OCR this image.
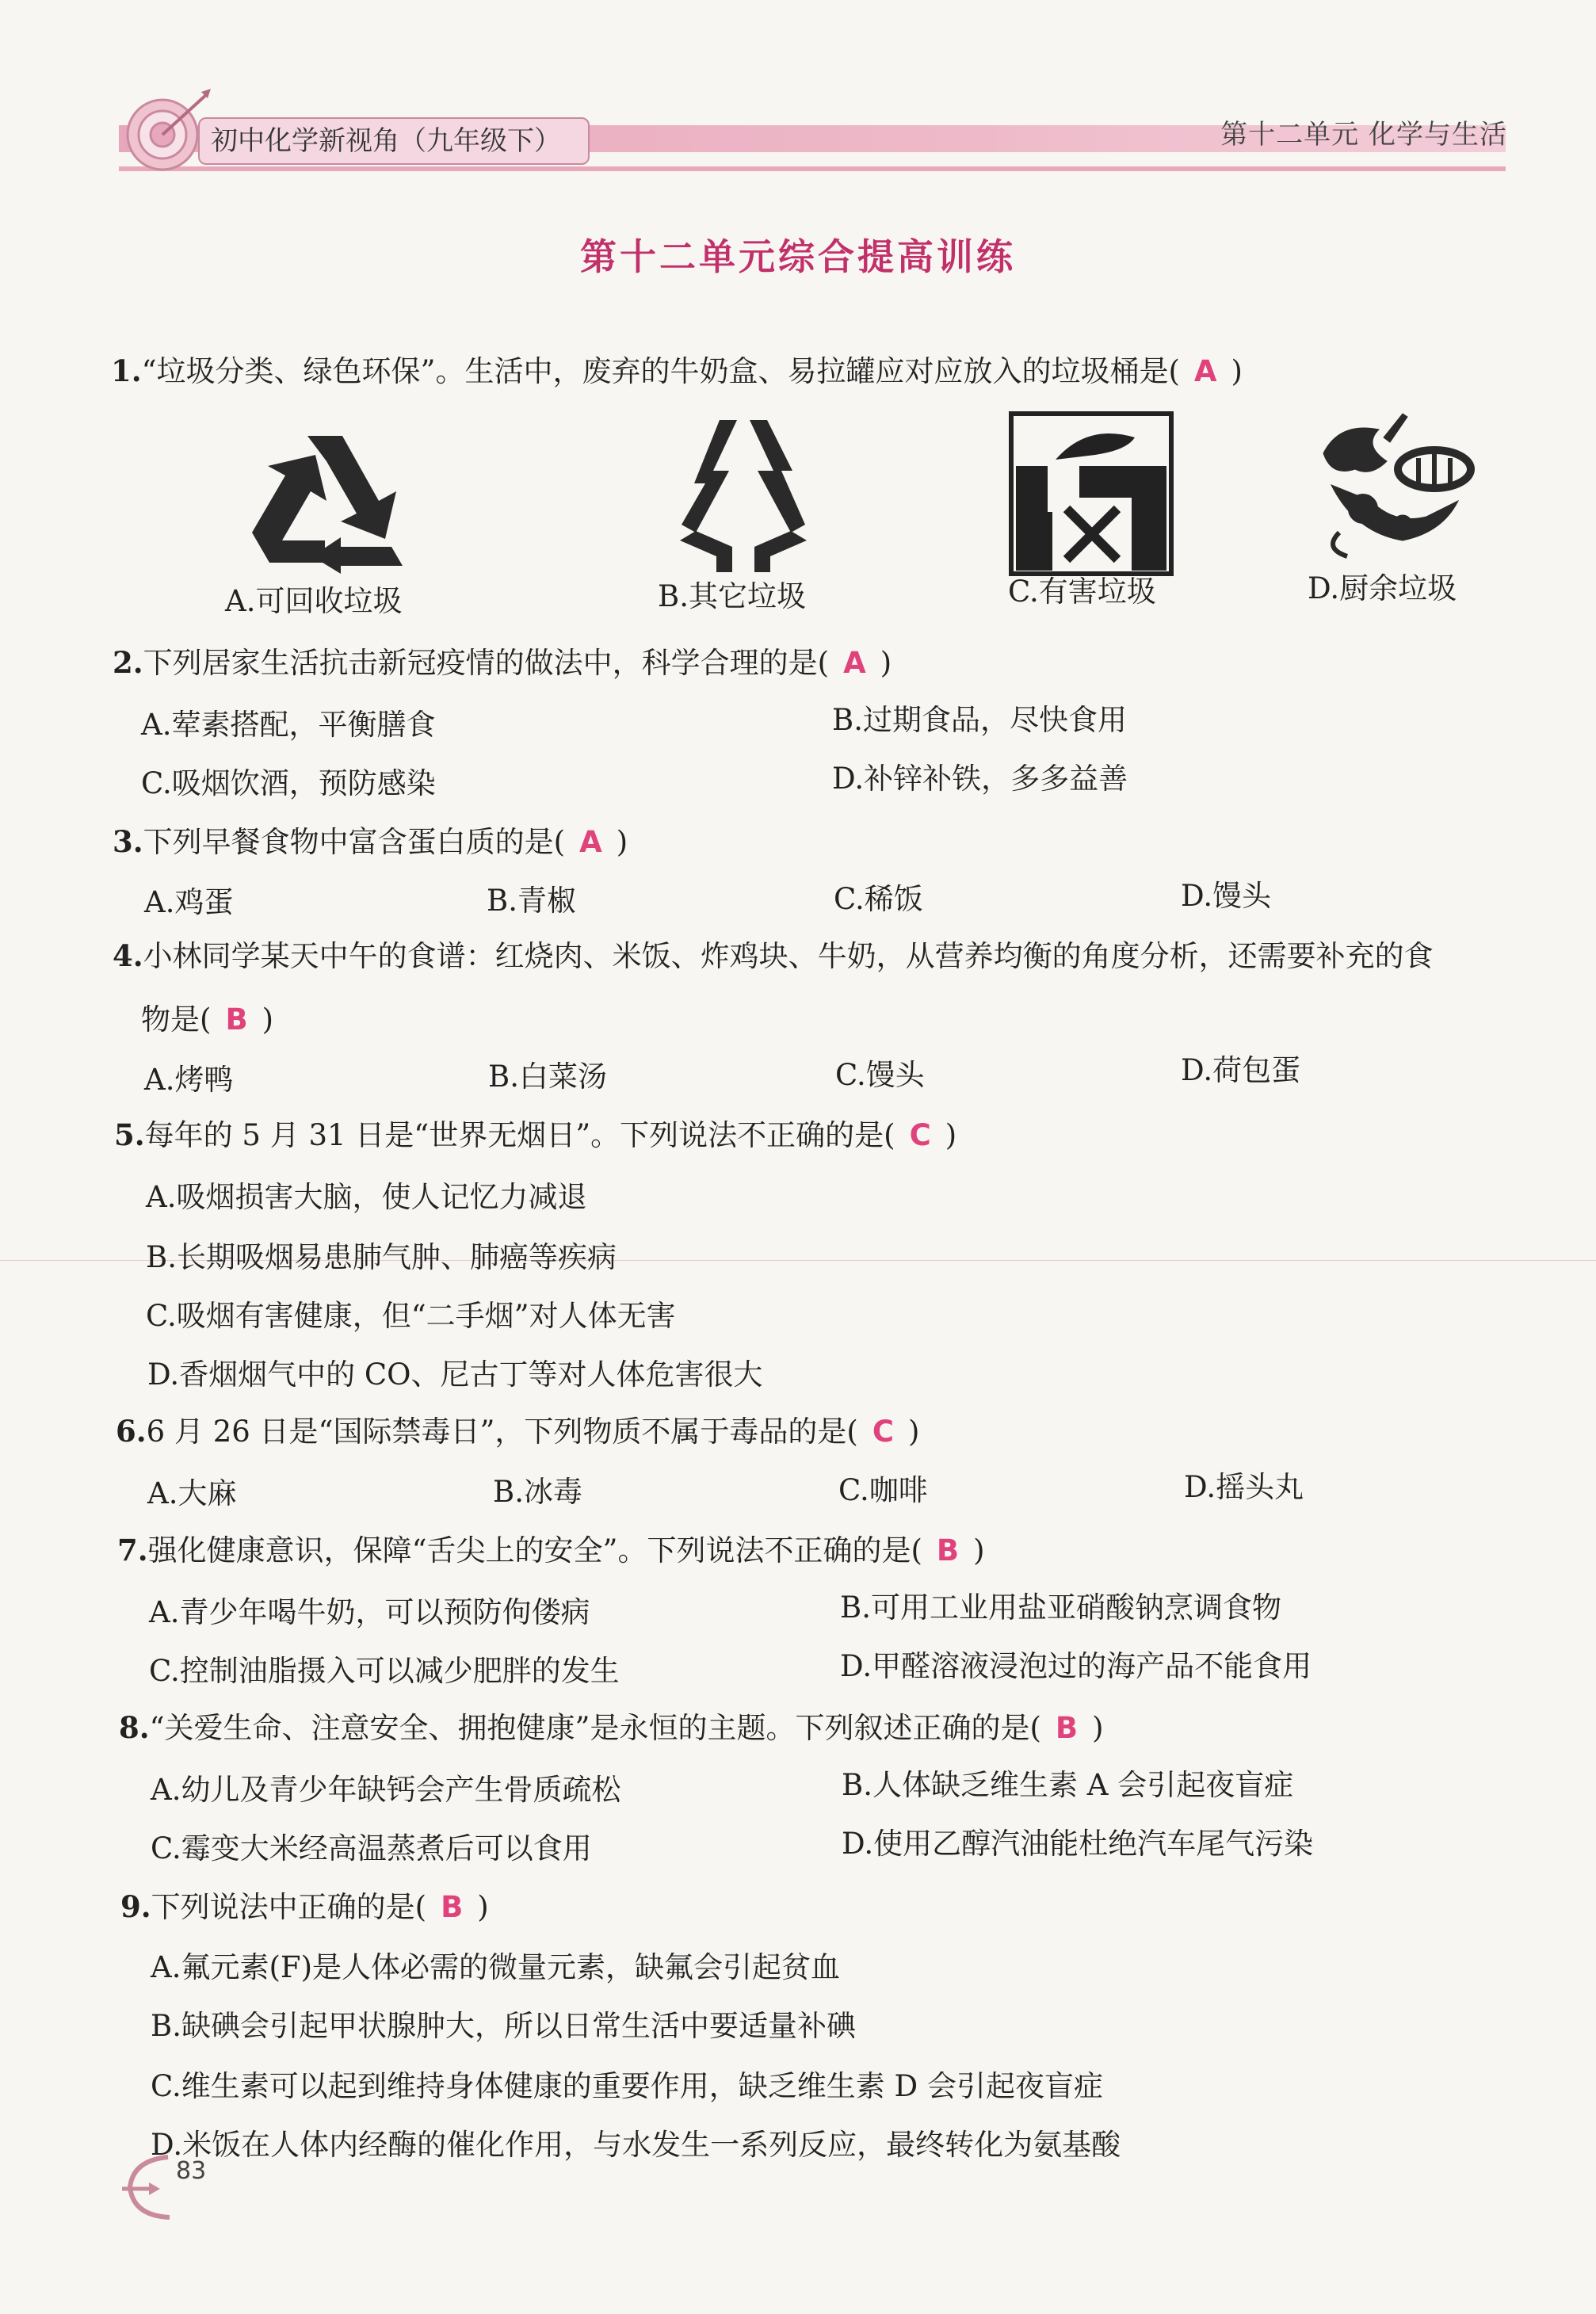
初中化学新视角（九年级下）	第十二单元 化学与生活
第十二单元综合提高训练
1.“垃圾分类、绿色环保”。生活中，废弃的牛奶盒、易拉罐应对应放入的垃圾桶是( A )
A.可回收垃圾	B.其它垃圾	C.有害垃圾	D.厨余垃圾
2.下列居家生活抗击新冠疫情的做法中，科学合理的是( A )
A.荤素搭配，平衡膳食	B.过期食品，尽快食用
C.吸烟饮酒，预防感染	D.补锌补铁，多多益善
3.下列早餐食物中富含蛋白质的是( A )
A.鸡蛋	B.青椒	C.稀饭	D.馒头
4.小林同学某天中午的食谱：红烧肉、米饭、炸鸡块、牛奶，从营养均衡的角度分析，还需要补充的食
物是( B )
A.烤鸭	B.白菜汤	C.馒头	D.荷包蛋
5.每年的 5 月 31 日是“世界无烟日”。下列说法不正确的是( C )
A.吸烟损害大脑，使人记忆力减退
B.长期吸烟易患肺气肿、肺癌等疾病
C.吸烟有害健康，但“二手烟”对人体无害
D.香烟烟气中的 CO、尼古丁等对人体危害很大
6.6 月 26 日是“国际禁毒日”，下列物质不属于毒品的是( C )
A.大麻	B.冰毒	C.咖啡	D.摇头丸
7.强化健康意识，保障“舌尖上的安全”。下列说法不正确的是( B )
A.青少年喝牛奶，可以预防佝偻病	B.可用工业用盐亚硝酸钠烹调食物
C.控制油脂摄入可以减少肥胖的发生	D.甲醛溶液浸泡过的海产品不能食用
8.“关爱生命、注意安全、拥抱健康”是永恒的主题。下列叙述正确的是( B )
A.幼儿及青少年缺钙会产生骨质疏松	B.人体缺乏维生素 A 会引起夜盲症
C.霉变大米经高温蒸煮后可以食用	D.使用乙醇汽油能杜绝汽车尾气污染
9.下列说法中正确的是( B )
A.氟元素(F)是人体必需的微量元素，缺氟会引起贫血
B.缺碘会引起甲状腺肿大，所以日常生活中要适量补碘
C.维生素可以起到维持身体健康的重要作用，缺乏维生素 D 会引起夜盲症
D.米饭在人体内经酶的催化作用，与水发生一系列反应，最终转化为氨基酸
83
